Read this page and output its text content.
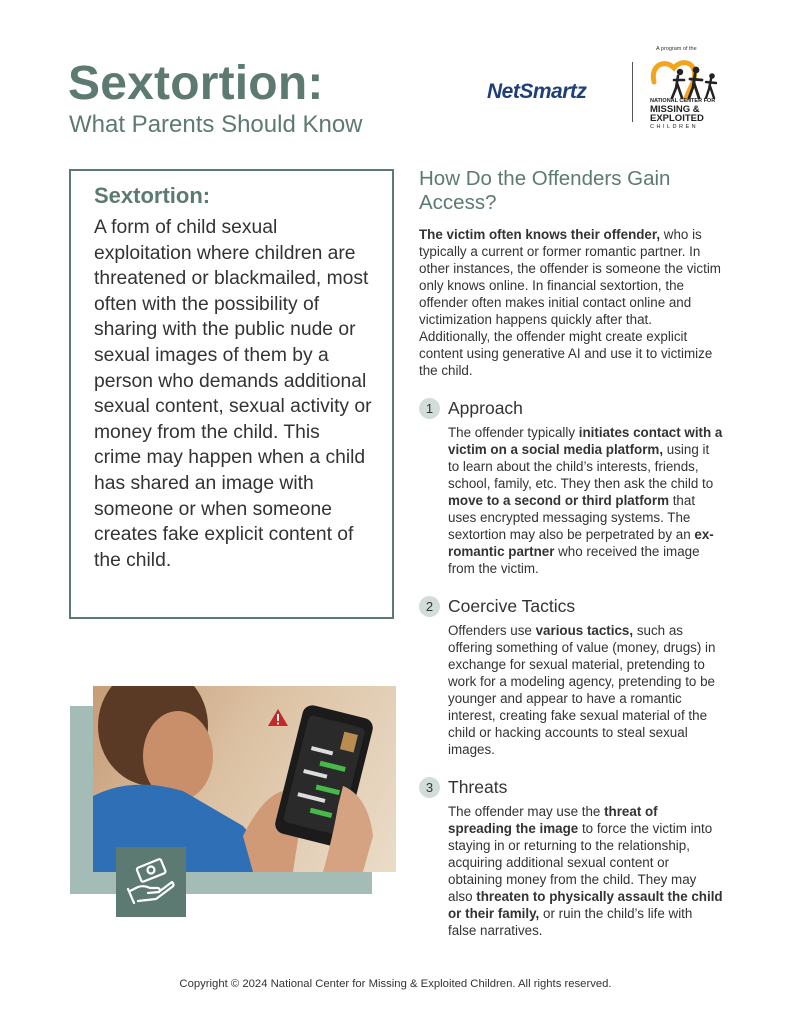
Sextortion:
What Parents Should Know
NetSmartz
A program of the
NATIONAL CENTER FOR
MISSING &
EXPLOITED
CHILDREN
Sextortion:

A form of child sexual exploitation where children are threatened or blackmailed, most often with the possibility of sharing with the public nude or sexual images of them by a person who demands additional sexual content, sexual activity or money from the child. This crime may happen when a child has shared an image with someone or when someone creates fake explicit content of the child.

How Do the Offenders Gain Access?

The victim often knows their offender, who is typically a current or former romantic partner. In other instances, the offender is someone the victim only knows online. In financial sextortion, the offender often makes initial contact online and victimization happens quickly after that. Additionally, the offender might create explicit content using generative AI and use it to victimize the child.

1 Approach

The offender typically initiates contact with a victim on a social media platform, using it to learn about the child’s interests, friends, school, family, etc. They then ask the child to move to a second or third platform that uses encrypted messaging systems. The sextortion may also be perpetrated by an ex-romantic partner who received the image from the victim.

2 Coercive Tactics

Offenders use various tactics, such as offering something of value (money, drugs) in exchange for sexual material, pretending to work for a modeling agency, pretending to be younger and appear to have a romantic interest, creating fake sexual material of the child or hacking accounts to steal sexual images.

3 Threats

The offender may use the threat of spreading the image to force the victim into staying in or returning to the relationship, acquiring additional sexual content or obtaining money from the child. They may also threaten to physically assault the child or their family, or ruin the child’s life with false narratives.

Copyright © 2024 National Center for Missing & Exploited Children. All rights reserved.
